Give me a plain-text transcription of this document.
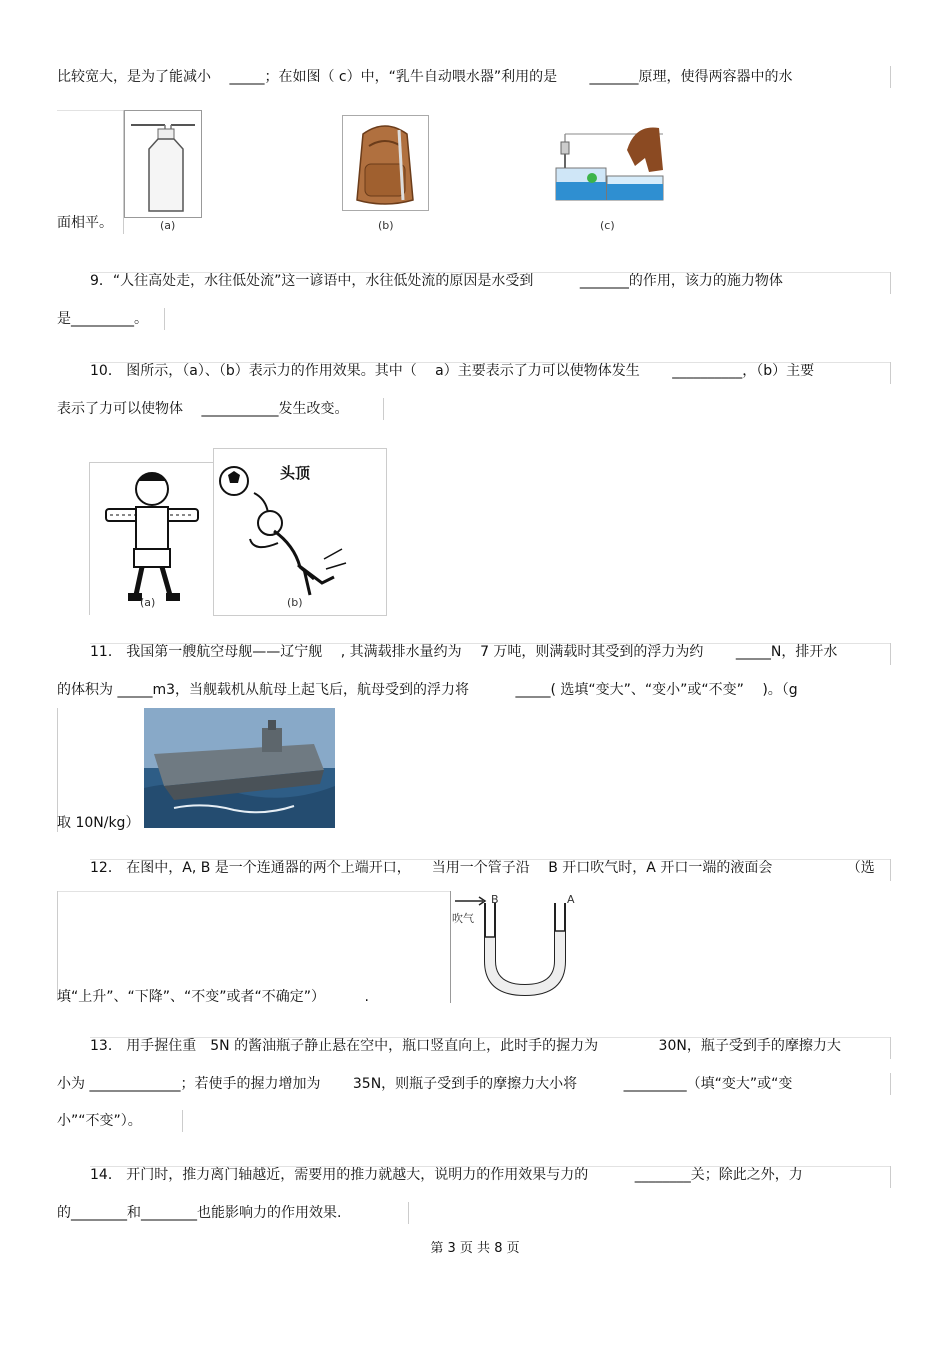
比较宽大，是为了能减小　 _____；在如图（ c）中，“乳牛自动喂水器”利用的是　　 _______原理，使得两容器中的水
(a)	(b)	(c)
面相平。
9．“人往高处走，水往低处流”这一谚语中，水往低处流的原因是水受到　　　 _______的作用，该力的施力物体
是_________。
10． 图所示，（a）、（b）表示力的作用效果。其中（　 a）主要表示了力可以使物体发生　　 __________，（b）主要
表示了力可以使物体　 ___________发生改变。
(a)
头顶
(b)
11． 我国第一艘航空母舰——辽宁舰　 , 其满载排水量约为　 7 万吨，则满载时其受到的浮力为约　　 _____N，排开水
的体积为 _____m3，当舰载机从航母上起飞后，航母受到的浮力将　　　 _____( 选填“变大”、“变小”或“不变”　 )。（g
取 10N/kg）
12． 在图中，A, B 是一个连通器的两个上端开口，　　当用一个管子沿　 B 开口吹气时，A 开口一端的液面会　　　　　 （选
B	A
吹气
填“上升”、“下降”、“不变”或者“不确定”）　　　 .
13． 用手握住重　5N 的酱油瓶子静止悬在空中，瓶口竖直向上，此时手的握力为　　　　 30N，瓶子受到手的摩擦力大
小为 _____________；若使手的握力增加为　　 35N，则瓶子受到手的摩擦力大小将　　　 _________（填“变大”或“变
小”“不变”）。
14． 开门时，推力离门轴越近，需要用的推力就越大，说明力的作用效果与力的　　　 ________关；除此之外，力
的________和________也能影响力的作用效果.
第 3 页 共 8 页
